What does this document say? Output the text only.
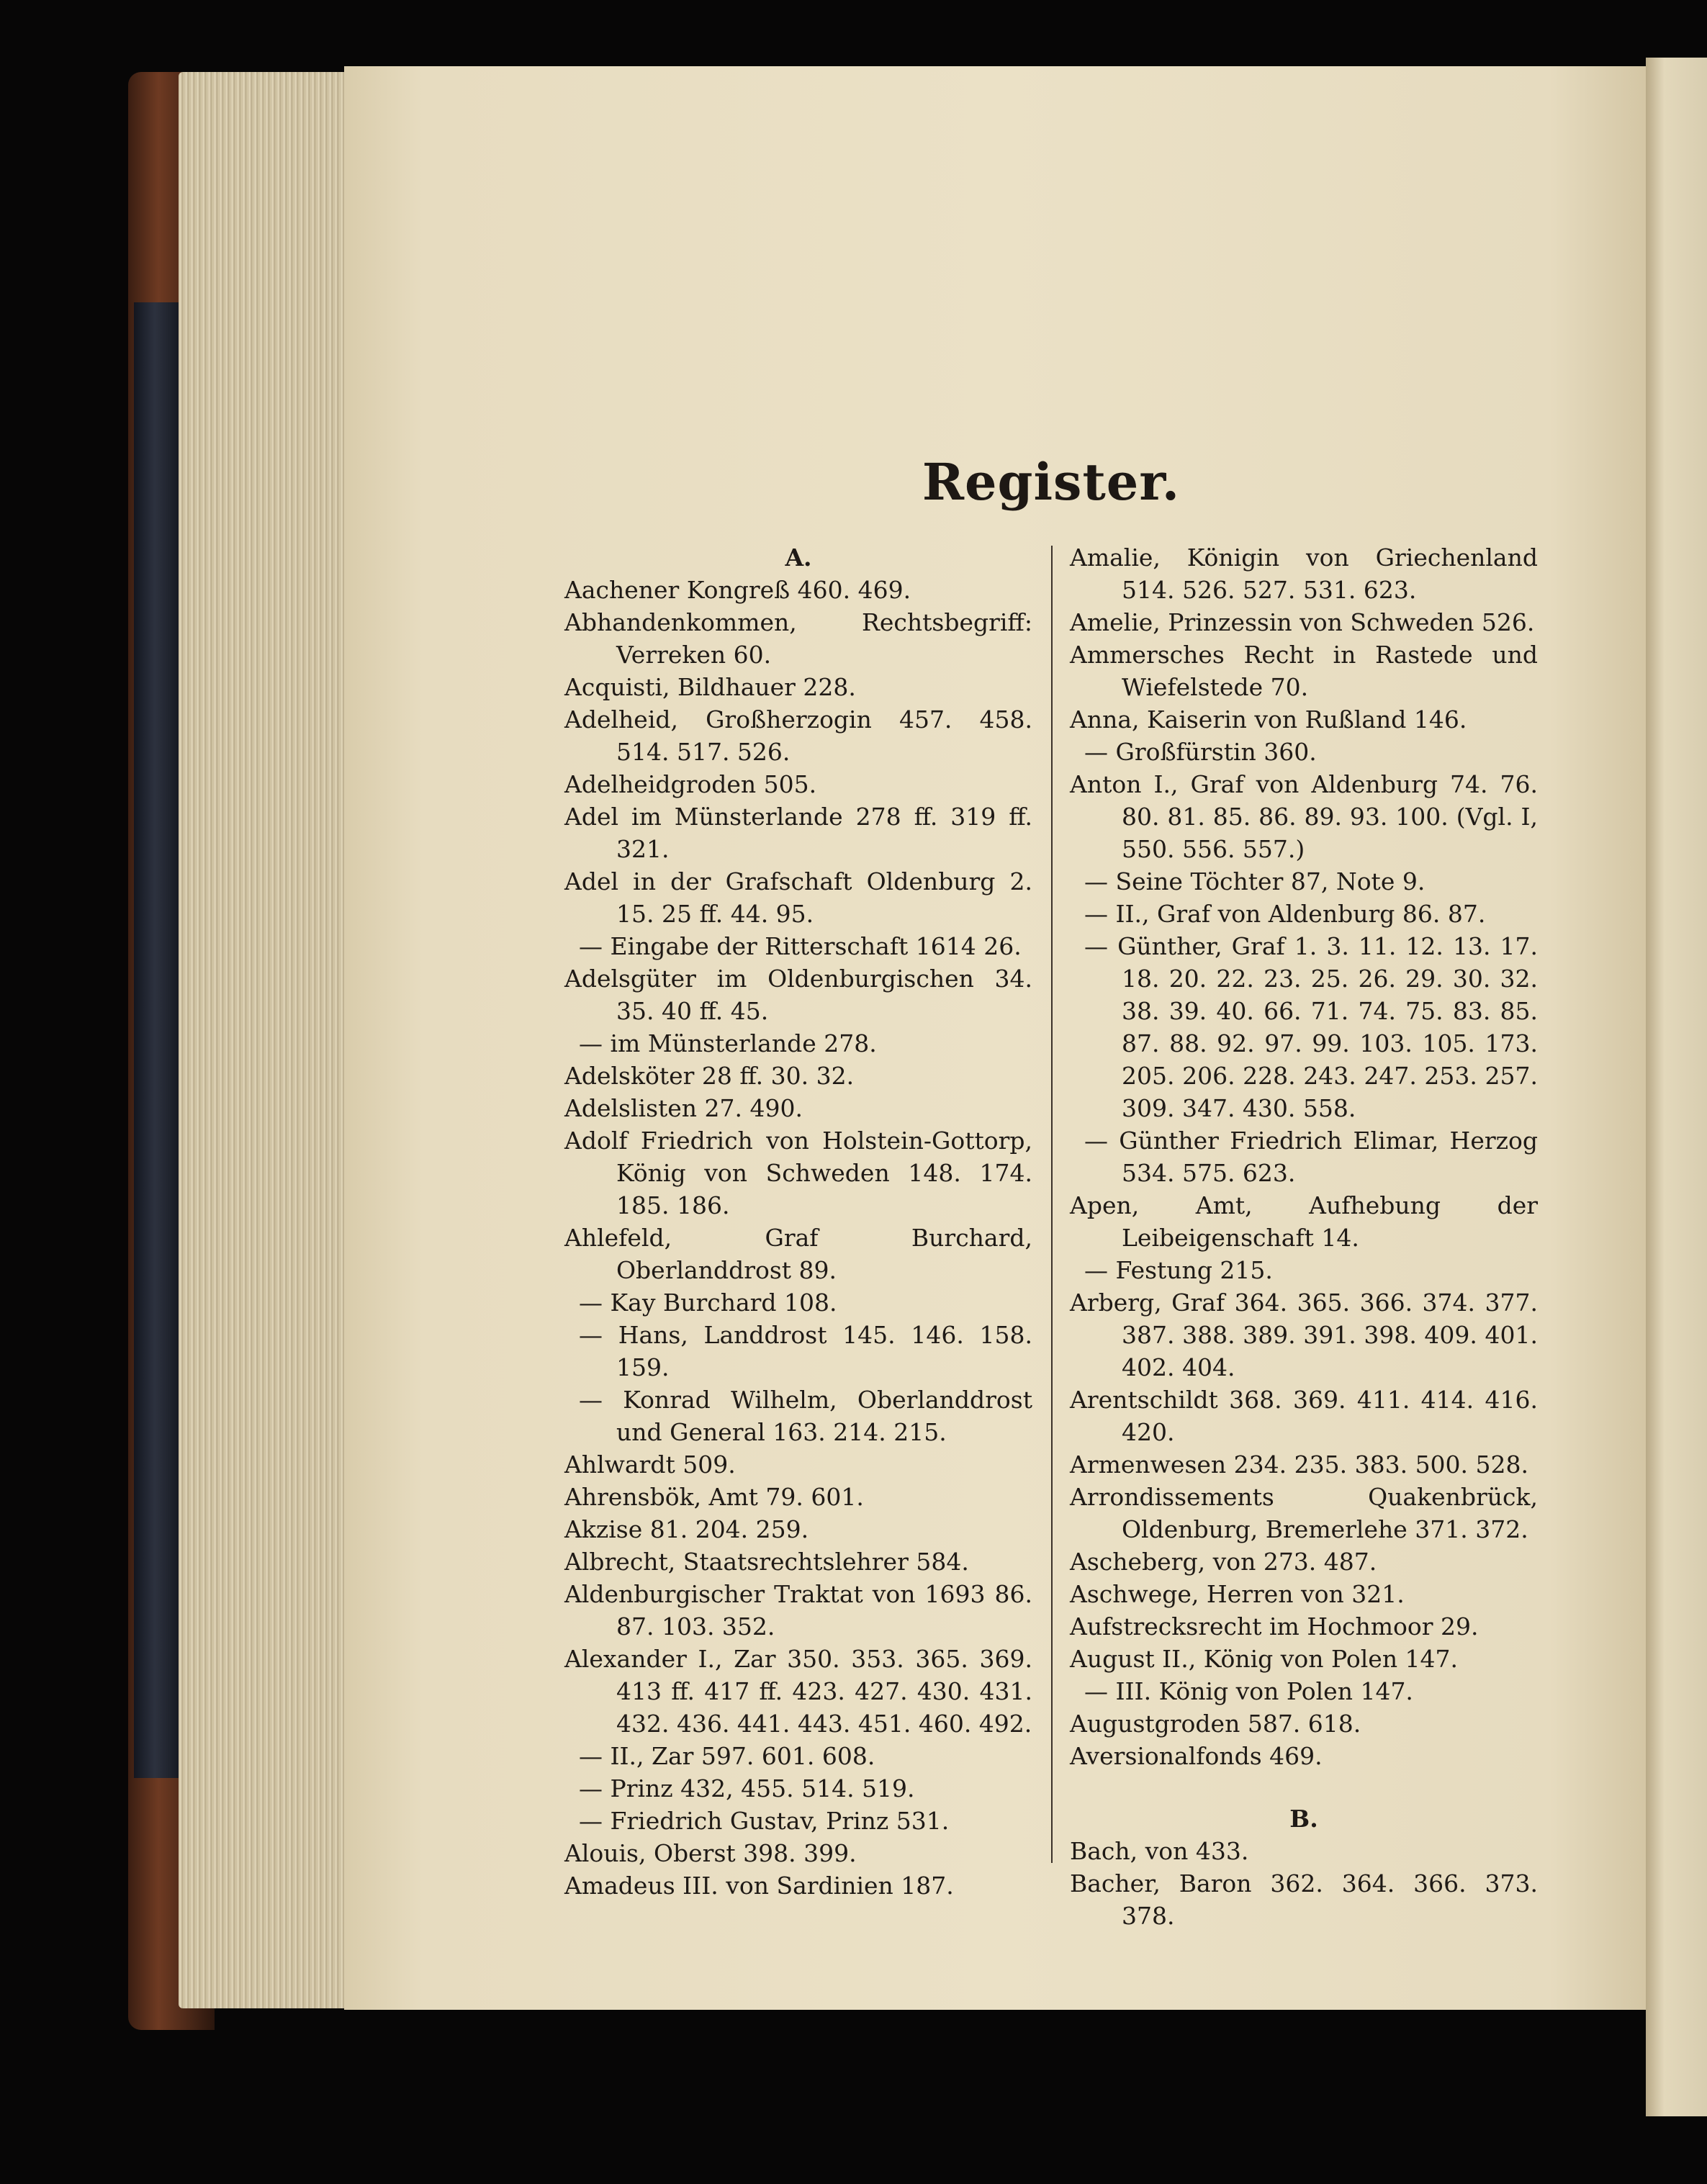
Register.
A.
Aachener Kongreß 460. 469.
Abhandenkommen, Rechtsbegriff: Verreken 60.
Acquisti, Bildhauer 228.
Adelheid, Großherzogin 457. 458. 514. 517. 526.
Adelheidgroden 505.
Adel im Münsterlande 278 ff. 319 ff. 321.
Adel in der Grafschaft Oldenburg 2. 15. 25 ff. 44. 95.
— Eingabe der Ritterschaft 1614 26.
Adelsgüter im Oldenburgischen 34. 35. 40 ff. 45.
— im Münsterlande 278.
Adelsköter 28 ff. 30. 32.
Adelslisten 27. 490.
Adolf Friedrich von Holstein-Gottorp, König von Schweden 148. 174. 185. 186.
Ahlefeld, Graf Burchard, Oberlanddrost 89.
— Kay Burchard 108.
— Hans, Landdrost 145. 146. 158. 159.
— Konrad Wilhelm, Oberlanddrost und General 163. 214. 215.
Ahlwardt 509.
Ahrensbök, Amt 79. 601.
Akzise 81. 204. 259.
Albrecht, Staatsrechtslehrer 584.
Aldenburgischer Traktat von 1693 86. 87. 103. 352.
Alexander I., Zar 350. 353. 365. 369. 413 ff. 417 ff. 423. 427. 430. 431. 432. 436. 441. 443. 451. 460. 492.
— II., Zar 597. 601. 608.
— Prinz 432, 455. 514. 519.
— Friedrich Gustav, Prinz 531.
Alouis, Oberst 398. 399.
Amadeus III. von Sardinien 187.
Amalie, Königin von Griechenland 514. 526. 527. 531. 623.
Amelie, Prinzessin von Schweden 526.
Ammersches Recht in Rastede und Wiefelstede 70.
Anna, Kaiserin von Rußland 146.
— Großfürstin 360.
Anton I., Graf von Aldenburg 74. 76. 80. 81. 85. 86. 89. 93. 100. (Vgl. I, 550. 556. 557.)
— Seine Töchter 87, Note 9.
— II., Graf von Aldenburg 86. 87.
— Günther, Graf 1. 3. 11. 12. 13. 17. 18. 20. 22. 23. 25. 26. 29. 30. 32. 38. 39. 40. 66. 71. 74. 75. 83. 85. 87. 88. 92. 97. 99. 103. 105. 173. 205. 206. 228. 243. 247. 253. 257. 309. 347. 430. 558.
— Günther Friedrich Elimar, Herzog 534. 575. 623.
Apen, Amt, Aufhebung der Leibeigenschaft 14.
— Festung 215.
Arberg, Graf 364. 365. 366. 374. 377. 387. 388. 389. 391. 398. 409. 401. 402. 404.
Arentschildt 368. 369. 411. 414. 416. 420.
Armenwesen 234. 235. 383. 500. 528.
Arrondissements Quakenbrück, Oldenburg, Bremerlehe 371. 372.
Ascheberg, von 273. 487.
Aschwege, Herren von 321.
Aufstrecksrecht im Hochmoor 29.
August II., König von Polen 147.
— III. König von Polen 147.
Augustgroden 587. 618.
Aversionalfonds 469.
B.
Bach, von 433.
Bacher, Baron 362. 364. 366. 373. 378.
